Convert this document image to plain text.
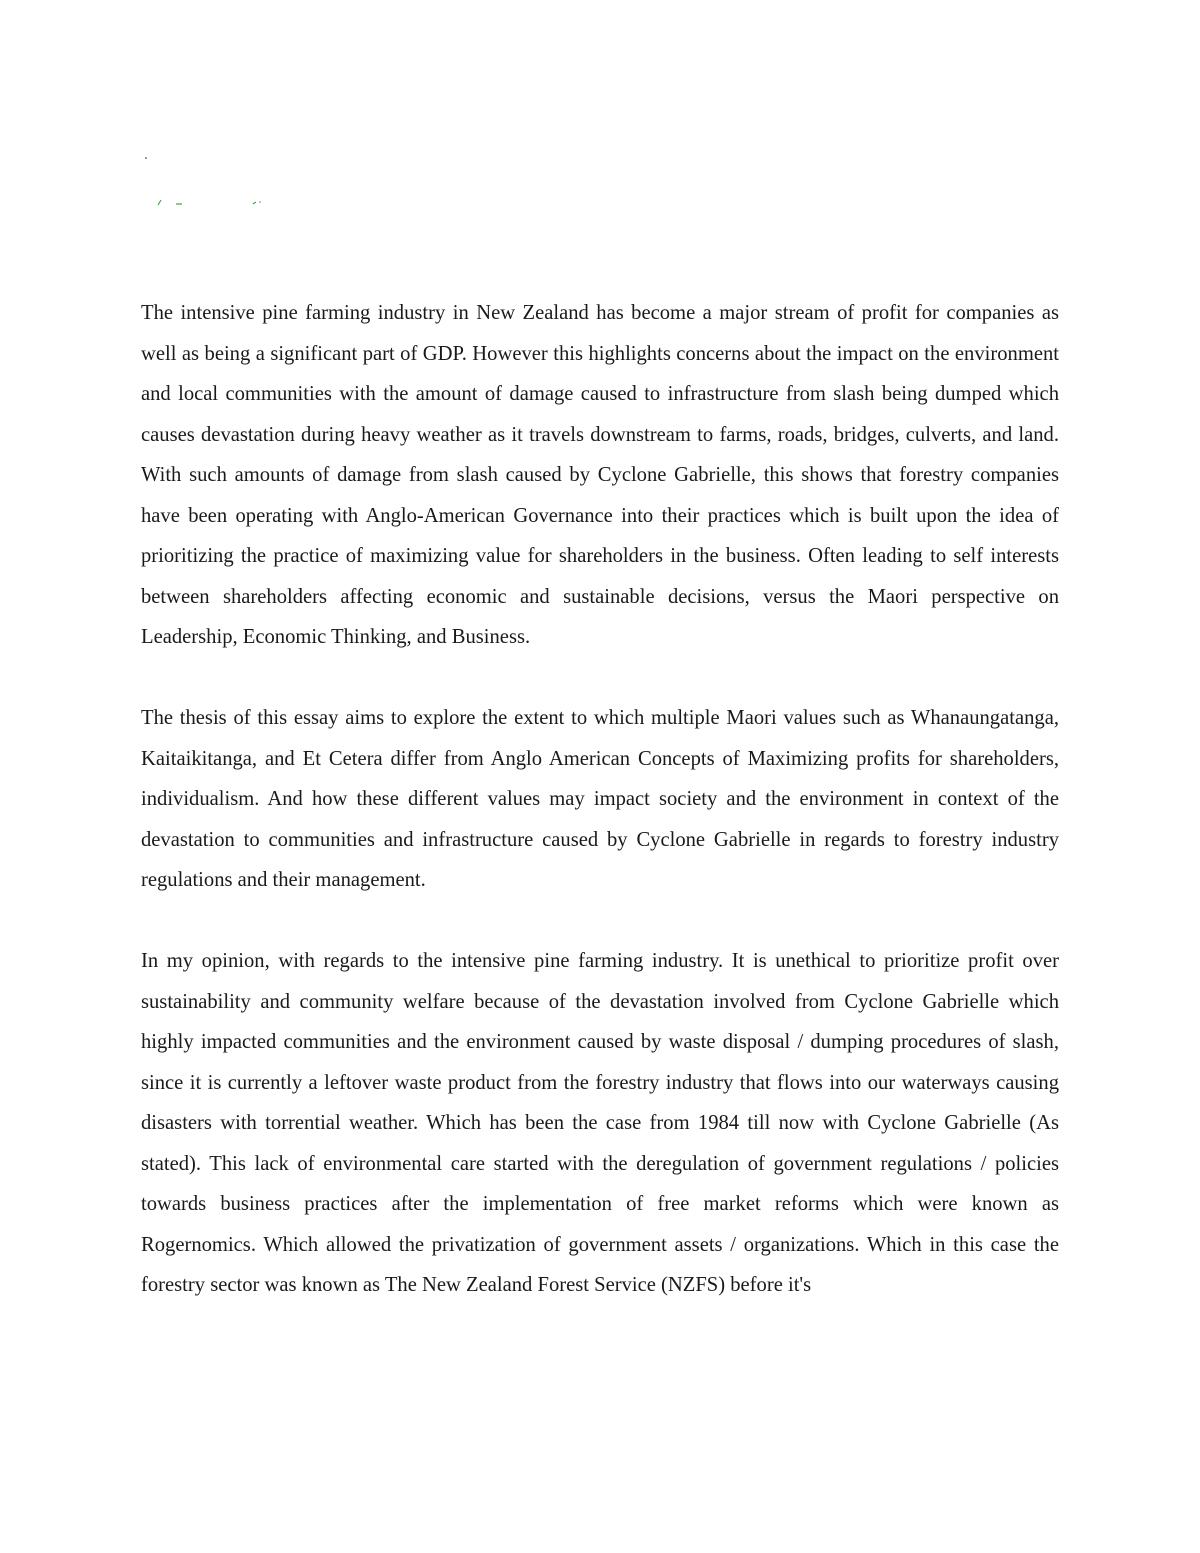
The intensive pine farming industry in New Zealand has become a major stream of profit for companies as well as being a significant part of GDP. However this highlights concerns about the impact on the environment and local communities with the amount of damage caused to infrastructure from slash being dumped which causes devastation during heavy weather as it travels downstream to farms, roads, bridges, culverts, and land. With such amounts of damage from slash caused by Cyclone Gabrielle, this shows that forestry companies have been operating with Anglo-American Governance into their practices which is built upon the idea of prioritizing the practice of maximizing value for shareholders in the business. Often leading to self interests between shareholders affecting economic and sustainable decisions, versus the Maori perspective on Leadership, Economic Thinking, and Business.

The thesis of this essay aims to explore the extent to which multiple Maori values such as Whanaungatanga, Kaitaikitanga, and Et Cetera differ from Anglo American Concepts of Maximizing profits for shareholders, individualism. And how these different values may impact society and the environment in context of the devastation to communities and infrastructure caused by Cyclone Gabrielle in regards to forestry industry regulations and their management.

In my opinion, with regards to the intensive pine farming industry. It is unethical to prioritize profit over sustainability and community welfare because of the devastation involved from Cyclone Gabrielle which highly impacted communities and the environment caused by waste disposal / dumping procedures of slash, since it is currently a leftover waste product from the forestry industry that flows into our waterways causing disasters with torrential weather. Which has been the case from 1984 till now with Cyclone Gabrielle (As stated). This lack of environmental care started with the deregulation of government regulations / policies towards business practices after the implementation of free market reforms which were known as Rogernomics. Which allowed the privatization of government assets / organizations. Which in this case the forestry sector was known as The New Zealand Forest Service (NZFS) before it's
